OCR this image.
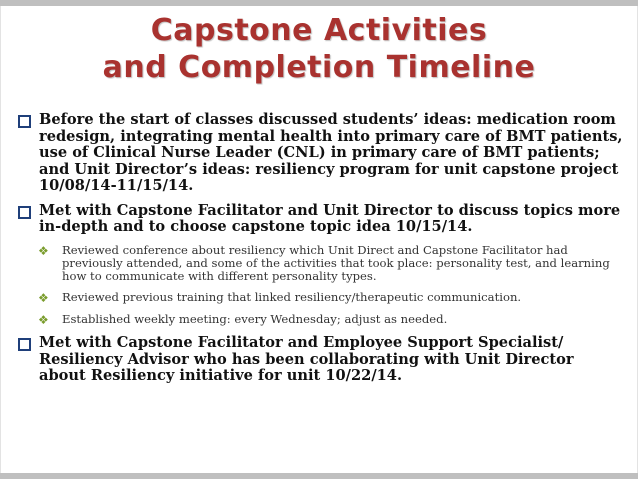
Capstone Activities
and Completion Timeline
Before the start of classes discussed students’ ideas: medication room redesign, integrating mental health into primary care of BMT patients, use of Clinical Nurse Leader (CNL) in primary care of BMT patients; and Unit Director’s ideas: resiliency program for unit capstone project 10/08/14-11/15/14.
Met with Capstone Facilitator and Unit Director to discuss topics more in-depth and to choose capstone topic idea 10/15/14.
❖ Reviewed conference about resiliency which Unit Direct and Capstone Facilitator had previously attended, and some of the activities that took place: personality test, and learning how to communicate with different personality types.
❖ Reviewed previous training that linked resiliency/therapeutic communication.
❖ Established weekly meeting: every Wednesday; adjust as needed.
Met with Capstone Facilitator and Employee Support Specialist/ Resiliency Advisor who has been collaborating with Unit Director about Resiliency initiative for unit 10/22/14.
